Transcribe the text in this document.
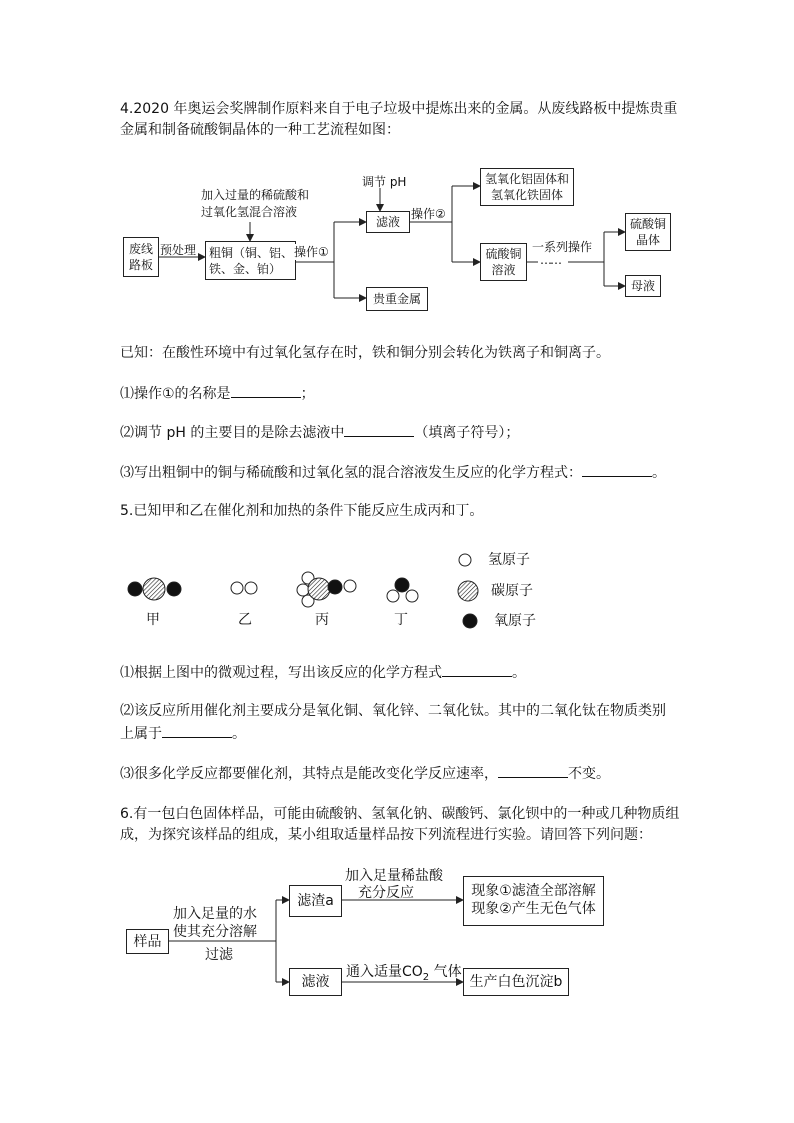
4.2020 年奥运会奖牌制作原料来自于电子垃圾中提炼出来的金属。从废线路板中提炼贵重
金属和制备硫酸铜晶体的一种工艺流程如图：
废线
路板
预处理
加入过量的稀硫酸和
过氧化氢混合溶液
粗铜（铜、铝、
铁、金、铂）
操作①
调节 pH
滤液
操作②
贵重金属
氢氧化铝固体和
氢氧化铁固体
硫酸铜
溶液
一系列操作
……
硫酸铜
晶体
母液
已知：在酸性环境中有过氧化氢存在时，铁和铜分别会转化为铁离子和铜离子。
⑴操作①的名称是	；
⑵调节 pH 的主要目的是除去滤液中	（填离子符号）；
⑶写出粗铜中的铜与稀硫酸和过氧化氢的混合溶液发生反应的化学方程式：	。
5.已知甲和乙在催化剂和加热的条件下能反应生成丙和丁。
甲	乙	丙	丁
氢原子
碳原子
氧原子
⑴根据上图中的微观过程，写出该反应的化学方程式	。
⑵该反应所用催化剂主要成分是氧化铜、氧化锌、二氧化钛。其中的二氧化钛在物质类别
上属于	。
⑶很多化学反应都要催化剂，其特点是能改变化学反应速率，	不变。
6.有一包白色固体样品，可能由硫酸钠、氢氧化钠、碳酸钙、氯化钡中的一种或几种物质组
成，为探究该样品的组成，某小组取适量样品按下列流程进行实验。请回答下列问题：
样品
加入足量的水
使其充分溶解
过滤
滤渣a
加入足量稀盐酸
充分反应	现象①滤渣全部溶解
现象②产生无色气体
滤液
通入适量$CO_2$ 气体
生产白色沉淀b
